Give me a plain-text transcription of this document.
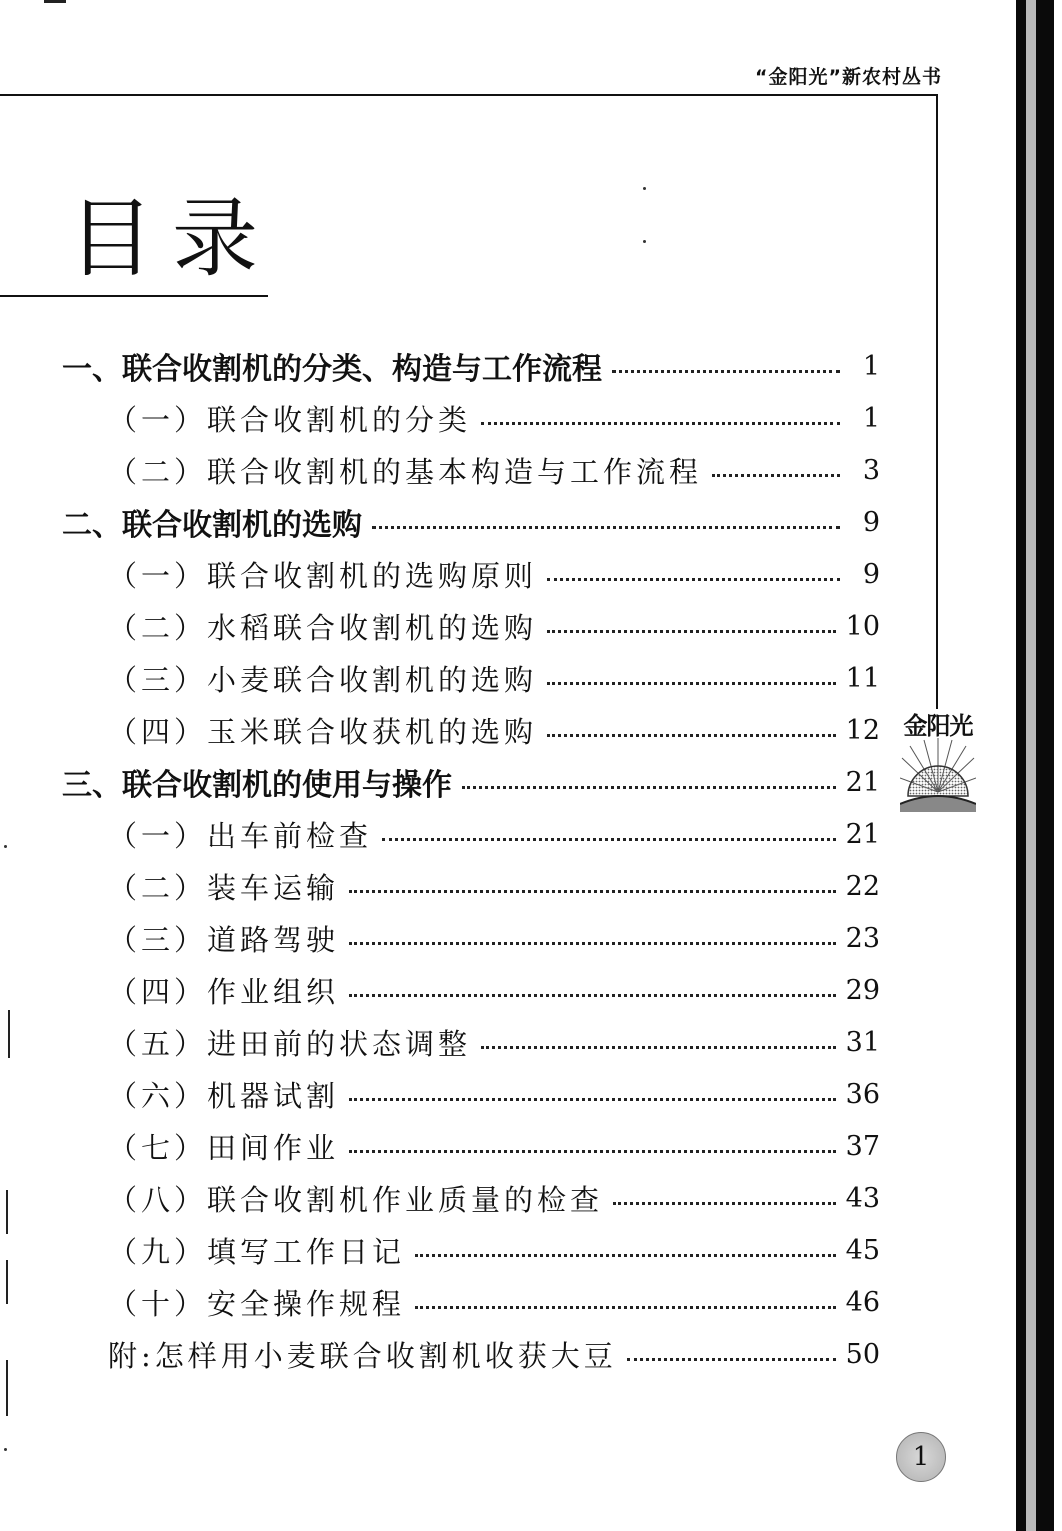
“金阳光”新农村丛书
目录
一、联合收割机的分类、构造与工作流程	1
（一）联合收割机的分类	1
（二）联合收割机的基本构造与工作流程	3
二、联合收割机的选购	9
（一）联合收割机的选购原则	9
（二）水稻联合收割机的选购	10
（三）小麦联合收割机的选购	11
（四）玉米联合收获机的选购	12
三、联合收割机的使用与操作	21
（一）出车前检查	21
（二）装车运输	22
（三）道路驾驶	23
（四）作业组织	29
（五）进田前的状态调整	31
（六）机器试割	36
（七）田间作业	37
（八）联合收割机作业质量的检查	43
（九）填写工作日记	45
（十）安全操作规程	46
附:怎样用小麦联合收割机收获大豆	50
金阳光
1
